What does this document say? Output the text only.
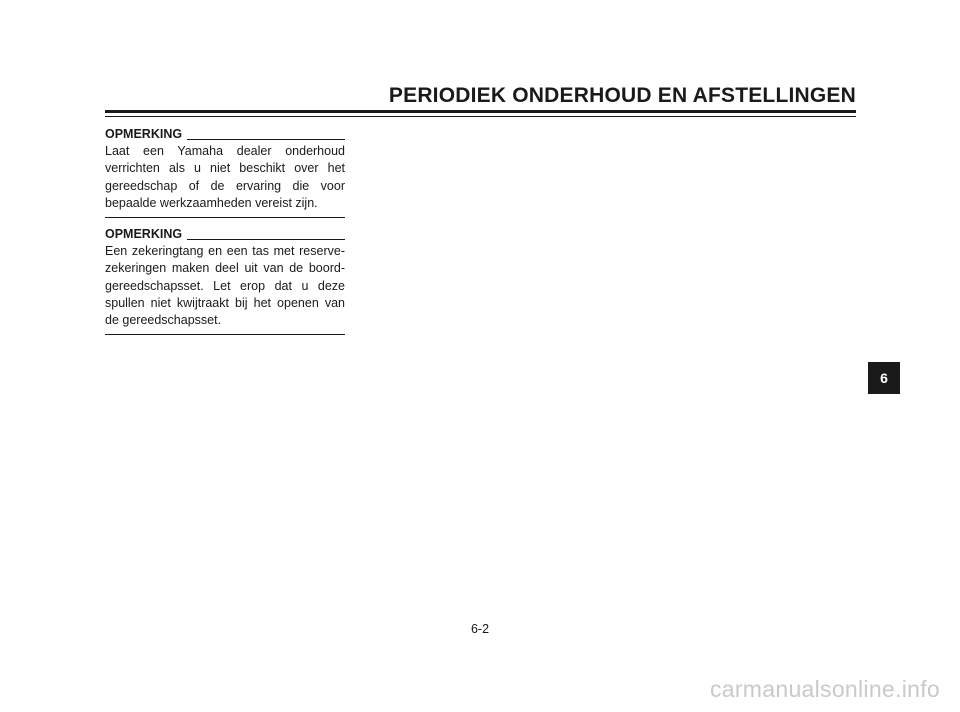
PERIODIEK ONDERHOUD EN AFSTELLINGEN
OPMERKING

Laat een Yamaha dealer onderhoud verrichten als u niet beschikt over het gereedschap of de ervaring die voor bepaalde werkzaamheden vereist zijn.

OPMERKING

Een zekeringtang en een tas met reserve-zekeringen maken deel uit van de boord-gereedschapsset. Let erop dat u deze spullen niet kwijtraakt bij het openen van de gereedschapsset.

6
6-2
carmanualsonline.info
